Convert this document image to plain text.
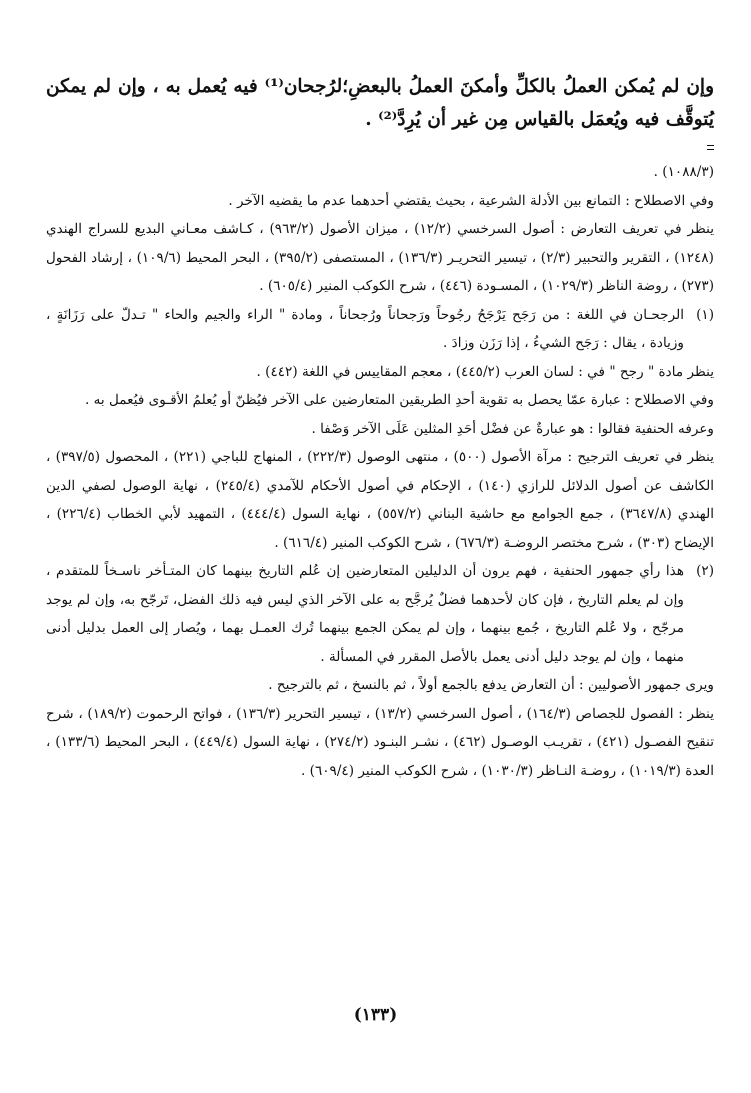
وإن لم يُمكن العملُ بالكلِّ وأمكنَ العملُ بالبعضِ؛لرُجحان⁽¹⁾ فيه يُعمل به ، وإن لم يمكن يُتوقَّف فيه ويُعمَل بالقياس مِن غير أن يُرِدَّ⁽²⁾ .

(١٠٨٨/٣) .

وفي الاصطلاح : التمانع بين الأدلة الشرعية ، بحيث يقتضي أحدهما عدم ما يقضيه الآخر .

ينظر في تعريف التعارض : أصول السرخسي (١٢/٢) ، ميزان الأصول (٩٦٣/٢) ، كـاشف معـاني البديع للسراج الهندي (١٢٤٨) ، التقرير والتحبير (٢/٣) ، تيسير التحريـر (١٣٦/٣) ، المستصفى (٣٩٥/٢) ، البحر المحيط (١٠٩/٦) ، إرشاد الفحول (٢٧٣) ، روضة الناظر (١٠٢٩/٣) ، المسـودة (٤٤٦) ، شرح الكوكب المنير (٦٠٥/٤) .

(١)

الرجحـان في اللغة : من رَجَح يَرْجَحُ رجُوحاً ورَجحاناً ورُجحاناً ، ومادة " الراء والجيم والحاء " تـدلّ على رَزَانَةٍ ، وزيادة ، يقال : رَجَح الشيءُ ، إذا رَزَن وزادَ .

ينظر مادة " رجح " في : لسان العرب (٤٤٥/٢) ، معجم المقاييس في اللغة (٤٤٢) .

وفي الاصطلاح : عبارة عمّا يحصل به تقوية أحدِ الطريقين المتعارضين على الآخر فيُظنّ أو يُعلمُ الأقـوى فيُعمل به .

وعرفه الحنفية فقالوا : هو عبارةٌ عن فضْل أحَدِ المثلين عَلَى الآخر وَصْفا .

ينظر في تعريف الترجيح : مرآة الأصول (٥٠٠) ، منتهى الوصول (٢٢٢/٣) ، المنهاج للباجي (٢٢١) ، المحصول (٣٩٧/٥) ، الكاشف عن أصول الدلائل للرازي (١٤٠) ، الإحكام في أصول الأحكام للآمدي (٢٤٥/٤) ، نهاية الوصول لصفي الدين الهندي (٣٦٤٧/٨) ، جمع الجوامع مع حاشية البناني (٥٥٧/٢) ، نهاية السول (٤٤٤/٤) ، التمهيد لأبي الخطاب (٢٢٦/٤) ، الإيضاح (٣٠٣) ، شرح مختصر الروضـة (٦٧٦/٣) ، شرح الكوكب المنير (٦١٦/٤) .

(٢)

هذا رأي جمهور الحنفية ، فهم يرون أن الدليلين المتعارضين إن عُلم التاريخ بينهما كان المتـأخر ناسـخاً للمتقدم ، وإن لم يعلم التاريخ ، فإن كان لأحدهما فضلٌ يُرجَّح به على الآخر الذي ليس فيه ذلك الفضل، تَرجّح به، وإن لم يوجد مرجّح ، ولا عُلم التاريخ ، جُمع بينهما ، وإن لم يمكن الجمع بينهما تُرك العمـل بهما ، ويُصار إلى العمل بدليل أدنى منهما ، وإن لم يوجد دليل أدنى يعمل بالأصل المقرر في المسألة .

ويرى جمهور الأصوليين : أن التعارض يدفع بالجمع أولاً ، ثم بالنسخ ، ثم بالترجيح .

ينظر : الفصول للجصاص (١٦٤/٣) ، أصول السرخسي (١٣/٢) ، تيسير التحرير (١٣٦/٣) ، فواتح الرحموت (١٨٩/٢) ، شرح تنقيح الفصـول (٤٢١) ، تقريـب الوصـول (٤٦٢) ، نشـر البنـود (٢٧٤/٢) ، نهاية السول (٤٤٩/٤) ، البحر المحيط (١٣٣/٦) ، العدة (١٠١٩/٣) ، روضـة النـاظر (١٠٣٠/٣) ، شرح الكوكب المنير (٦٠٩/٤) .

(١٣٣)
